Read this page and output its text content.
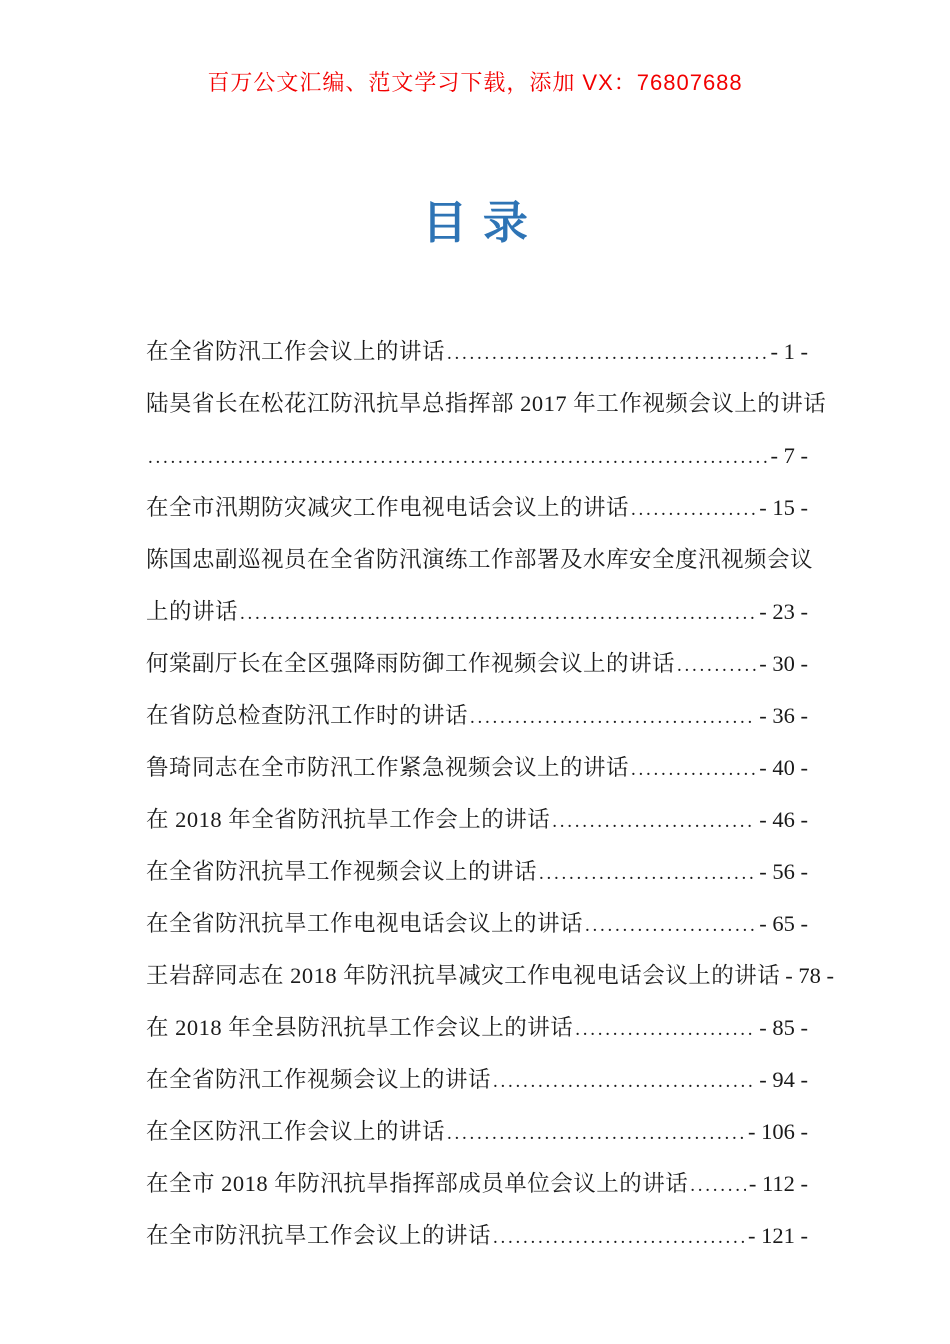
百万公文汇编、范文学习下载，添加 VX：76807688
目录
在全省防汛工作会议上的讲话 . . .	- 1 -
陆昊省长在松花江防汛抗旱总指挥部 2017 年工作视频会议上的讲话
. . .
- 7 -
在全市汛期防灾减灾工作电视电话会议上的讲话 . . .	- 15 -
陈国忠副巡视员在全省防汛演练工作部署及水库安全度汛视频会议
上的讲话 . . .	- 23 -
何棠副厅长在全区强降雨防御工作视频会议上的讲话 . . .	- 30 -
在省防总检查防汛工作时的讲话 . . .	- 36 -
鲁琦同志在全市防汛工作紧急视频会议上的讲话 . . .	- 40 -
在 2018 年全省防汛抗旱工作会上的讲话 . . .	- 46 -
在全省防汛抗旱工作视频会议上的讲话 . . .	- 56 -
在全省防汛抗旱工作电视电话会议上的讲话 . . .	- 65 -
王岩辞同志在 2018 年防汛抗旱减灾工作电视电话会议上的讲话 - 78 -
在 2018 年全县防汛抗旱工作会议上的讲话 . . .	- 85 -
在全省防汛工作视频会议上的讲话 . . .	- 94 -
在全区防汛工作会议上的讲话 . . .	- 106 -
在全市 2018 年防汛抗旱指挥部成员单位会议上的讲话 . . .	- 112 -
在全市防汛抗旱工作会议上的讲话 . . .	- 121 -
